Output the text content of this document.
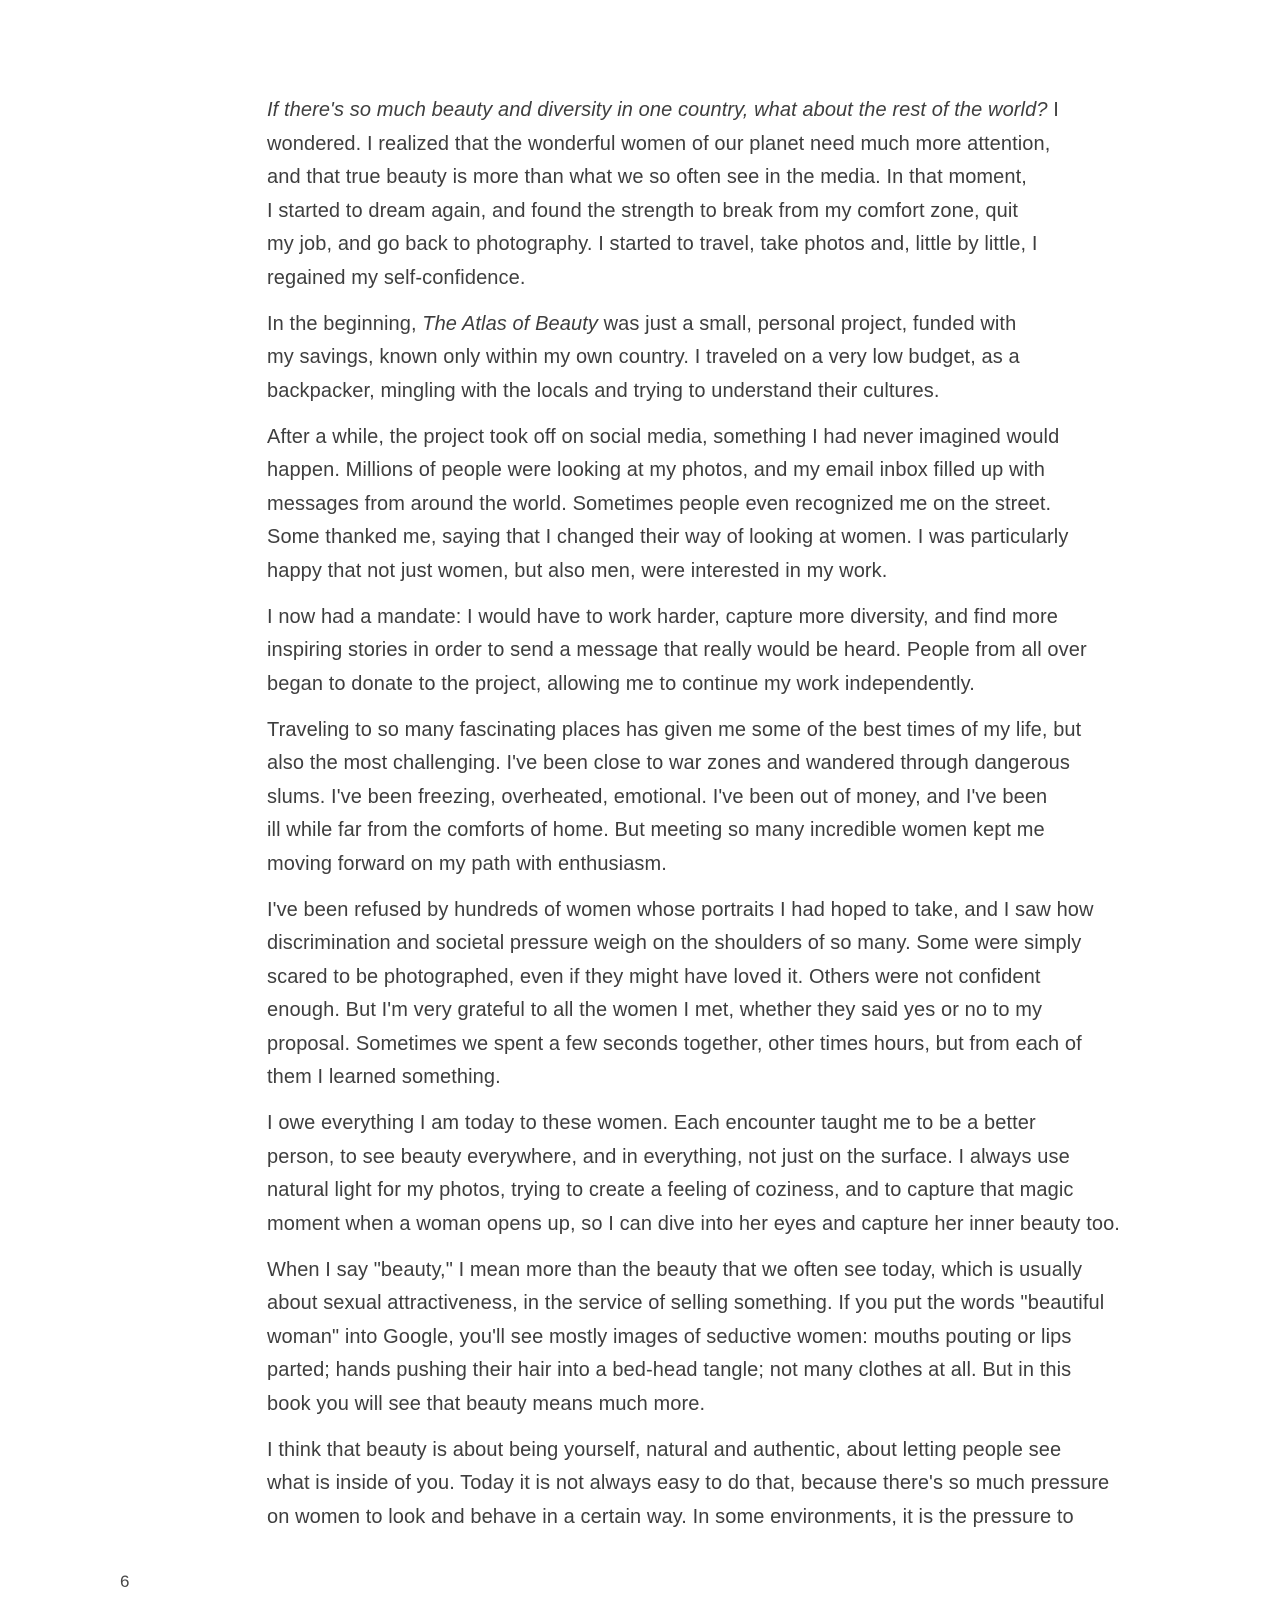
If there's so much beauty and diversity in one country, what about the rest of the world? I
wondered. I realized that the wonderful women of our planet need much more attention,
and that true beauty is more than what we so often see in the media. In that moment,
I started to dream again, and found the strength to break from my comfort zone, quit
my job, and go back to photography. I started to travel, take photos and, little by little, I
regained my self-confidence.

In the beginning, The Atlas of Beauty was just a small, personal project, funded with
my savings, known only within my own country. I traveled on a very low budget, as a
backpacker, mingling with the locals and trying to understand their cultures.

After a while, the project took off on social media, something I had never imagined would
happen. Millions of people were looking at my photos, and my email inbox filled up with
messages from around the world. Sometimes people even recognized me on the street.
Some thanked me, saying that I changed their way of looking at women. I was particularly
happy that not just women, but also men, were interested in my work.

I now had a mandate: I would have to work harder, capture more diversity, and find more
inspiring stories in order to send a message that really would be heard. People from all over
began to donate to the project, allowing me to continue my work independently.

Traveling to so many fascinating places has given me some of the best times of my life, but
also the most challenging. I've been close to war zones and wandered through dangerous
slums. I've been freezing, overheated, emotional. I've been out of money, and I've been
ill while far from the comforts of home. But meeting so many incredible women kept me
moving forward on my path with enthusiasm.

I've been refused by hundreds of women whose portraits I had hoped to take, and I saw how
discrimination and societal pressure weigh on the shoulders of so many. Some were simply
scared to be photographed, even if they might have loved it. Others were not confident
enough. But I'm very grateful to all the women I met, whether they said yes or no to my
proposal. Sometimes we spent a few seconds together, other times hours, but from each of
them I learned something.

I owe everything I am today to these women. Each encounter taught me to be a better
person, to see beauty everywhere, and in everything, not just on the surface. I always use
natural light for my photos, trying to create a feeling of coziness, and to capture that magic
moment when a woman opens up, so I can dive into her eyes and capture her inner beauty too.

When I say "beauty," I mean more than the beauty that we often see today, which is usually
about sexual attractiveness, in the service of selling something. If you put the words "beautiful
woman" into Google, you'll see mostly images of seductive women: mouths pouting or lips
parted; hands pushing their hair into a bed-head tangle; not many clothes at all. But in this
book you will see that beauty means much more.

I think that beauty is about being yourself, natural and authentic, about letting people see
what is inside of you. Today it is not always easy to do that, because there's so much pressure
on women to look and behave in a certain way. In some environments, it is the pressure to

6
